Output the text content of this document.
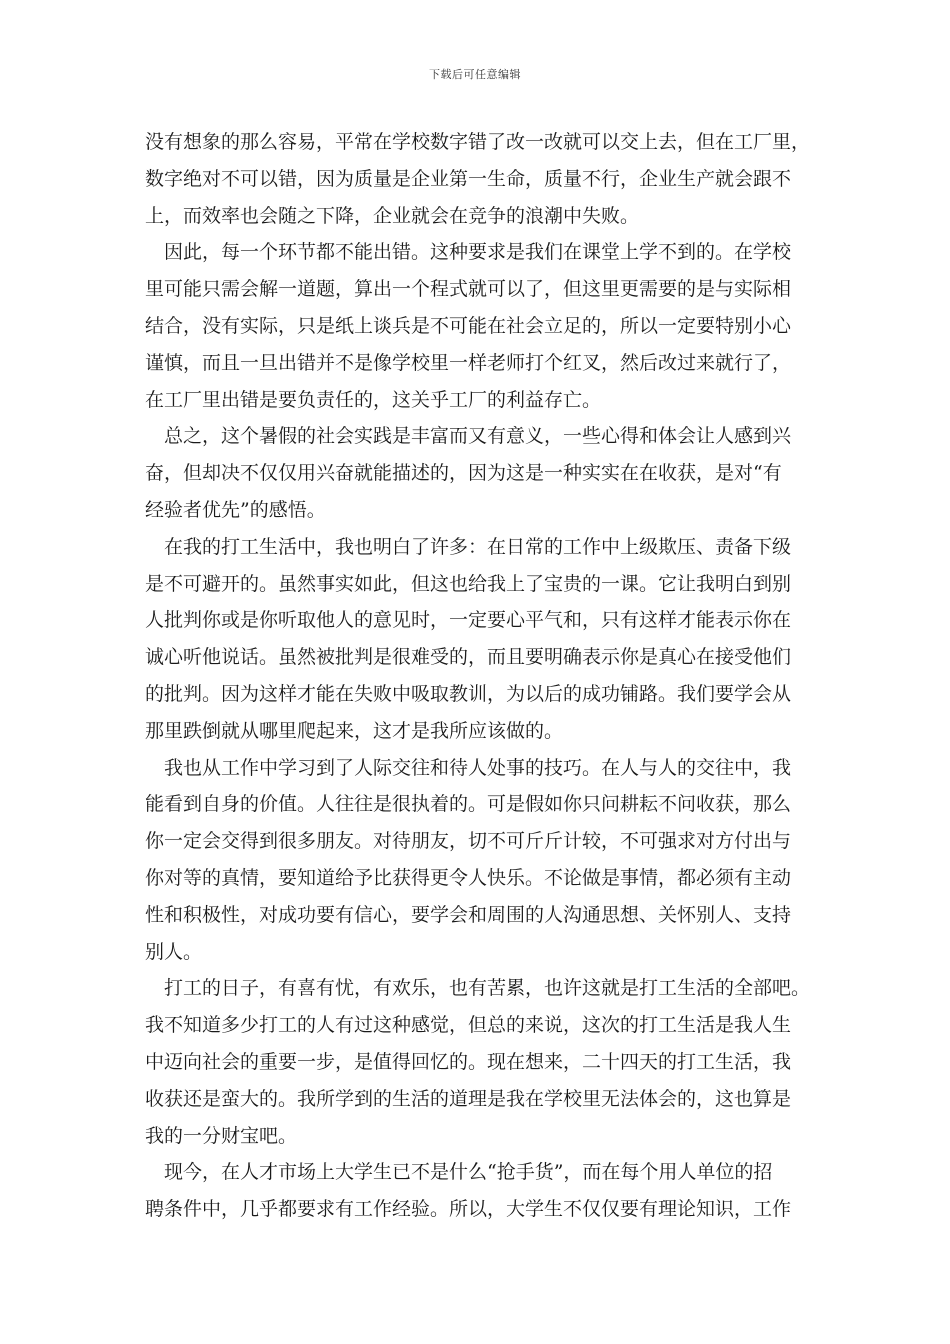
下载后可任意编辑
没有想象的那么容易，平常在学校数字错了改一改就可以交上去，但在工厂里，
数字绝对不可以错，因为质量是企业第一生命，质量不行，企业生产就会跟不
上，而效率也会随之下降，企业就会在竞争的浪潮中失败。
　因此，每一个环节都不能出错。这种要求是我们在课堂上学不到的。在学校
里可能只需会解一道题，算出一个程式就可以了，但这里更需要的是与实际相
结合，没有实际，只是纸上谈兵是不可能在社会立足的，所以一定要特别小心
谨慎，而且一旦出错并不是像学校里一样老师打个红叉，然后改过来就行了，
在工厂里出错是要负责任的，这关乎工厂的利益存亡。
　总之，这个暑假的社会实践是丰富而又有意义，一些心得和体会让人感到兴
奋，但却决不仅仅用兴奋就能描述的，因为这是一种实实在在收获，是对“有
经验者优先”的感悟。
　在我的打工生活中，我也明白了许多：在日常的工作中上级欺压、责备下级
是不可避开的。虽然事实如此，但这也给我上了宝贵的一课。它让我明白到别
人批判你或是你听取他人的意见时，一定要心平气和，只有这样才能表示你在
诚心听他说话。虽然被批判是很难受的，而且要明确表示你是真心在接受他们
的批判。因为这样才能在失败中吸取教训，为以后的成功铺路。我们要学会从
那里跌倒就从哪里爬起来，这才是我所应该做的。
　我也从工作中学习到了人际交往和待人处事的技巧。在人与人的交往中，我
能看到自身的价值。人往往是很执着的。可是假如你只问耕耘不问收获，那么
你一定会交得到很多朋友。对待朋友，切不可斤斤计较，不可强求对方付出与
你对等的真情，要知道给予比获得更令人快乐。不论做是事情，都必须有主动
性和积极性，对成功要有信心，要学会和周围的人沟通思想、关怀别人、支持
别人。
　打工的日子，有喜有忧，有欢乐，也有苦累，也许这就是打工生活的全部吧。
我不知道多少打工的人有过这种感觉，但总的来说，这次的打工生活是我人生
中迈向社会的重要一步，是值得回忆的。现在想来，二十四天的打工生活，我
收获还是蛮大的。我所学到的生活的道理是我在学校里无法体会的，这也算是
我的一分财宝吧。
　现今，在人才市场上大学生已不是什么“抢手货”，而在每个用人单位的招
聘条件中，几乎都要求有工作经验。所以，大学生不仅仅要有理论知识，工作
